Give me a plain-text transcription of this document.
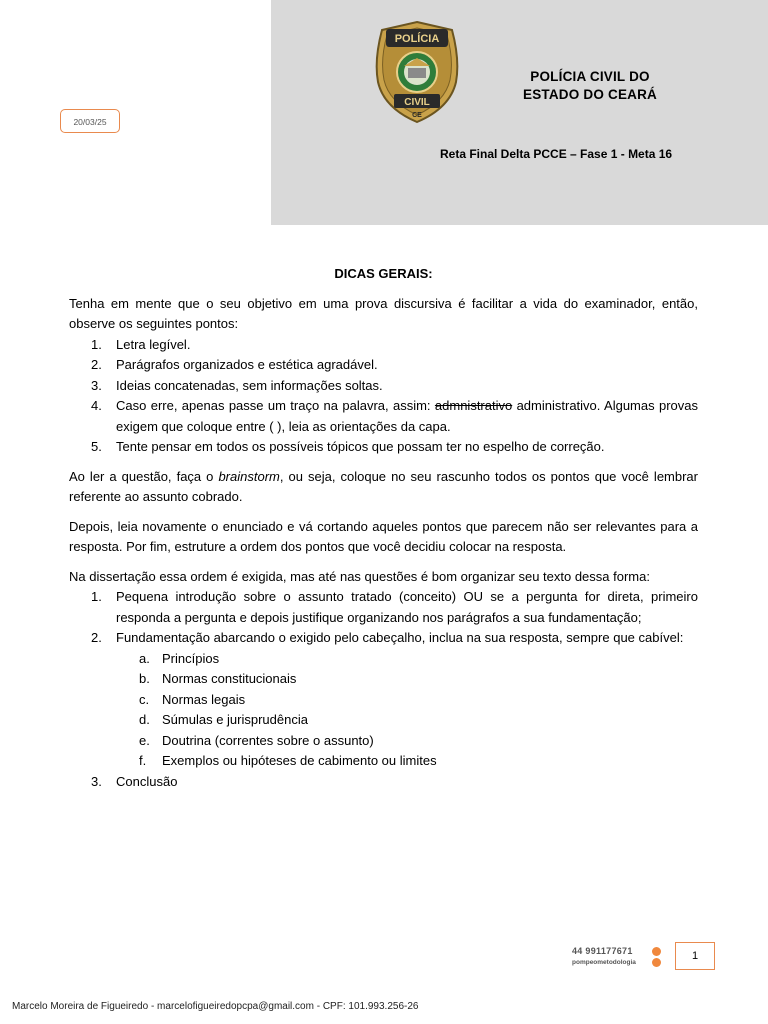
POLÍCIA
CIVIL
CE
POLÍCIA CIVIL DO
ESTADO DO CEARÁ
Reta Final Delta PCCE – Fase 1 - Meta 16
20/03/25

DICAS GERAIS:

Tenha em mente que o seu objetivo em uma prova discursiva é facilitar a vida do examinador, então, observe os seguintes pontos:

1. Letra legível.
2. Parágrafos organizados e estética agradável.
3. Ideias concatenadas, sem informações soltas.
4. Caso erre, apenas passe um traço na palavra, assim: admnistrativo administrativo. Algumas provas exigem que coloque entre ( ), leia as orientações da capa.
5. Tente pensar em todos os possíveis tópicos que possam ter no espelho de correção.

Ao ler a questão, faça o brainstorm, ou seja, coloque no seu rascunho todos os pontos que você lembrar referente ao assunto cobrado.

Depois, leia novamente o enunciado e vá cortando aqueles pontos que parecem não ser relevantes para a resposta. Por fim, estruture a ordem dos pontos que você decidiu colocar na resposta.

Na dissertação essa ordem é exigida, mas até nas questões é bom organizar seu texto dessa forma:

1. Pequena introdução sobre o assunto tratado (conceito) OU se a pergunta for direta, primeiro responda a pergunta e depois justifique organizando nos parágrafos a sua fundamentação;
2. Fundamentação abarcando o exigido pelo cabeçalho, inclua na sua resposta, sempre que cabível:
a. Princípios
b. Normas constitucionais
c. Normas legais
d. Súmulas e jurisprudência
e. Doutrina (correntes sobre o assunto)
f. Exemplos ou hipóteses de cabimento ou limites
3. Conclusão
44 991177671
pompeometodologia
1
Marcelo Moreira de Figueiredo - marcelofigueiredopcpa@gmail.com - CPF: 101.993.256-26
